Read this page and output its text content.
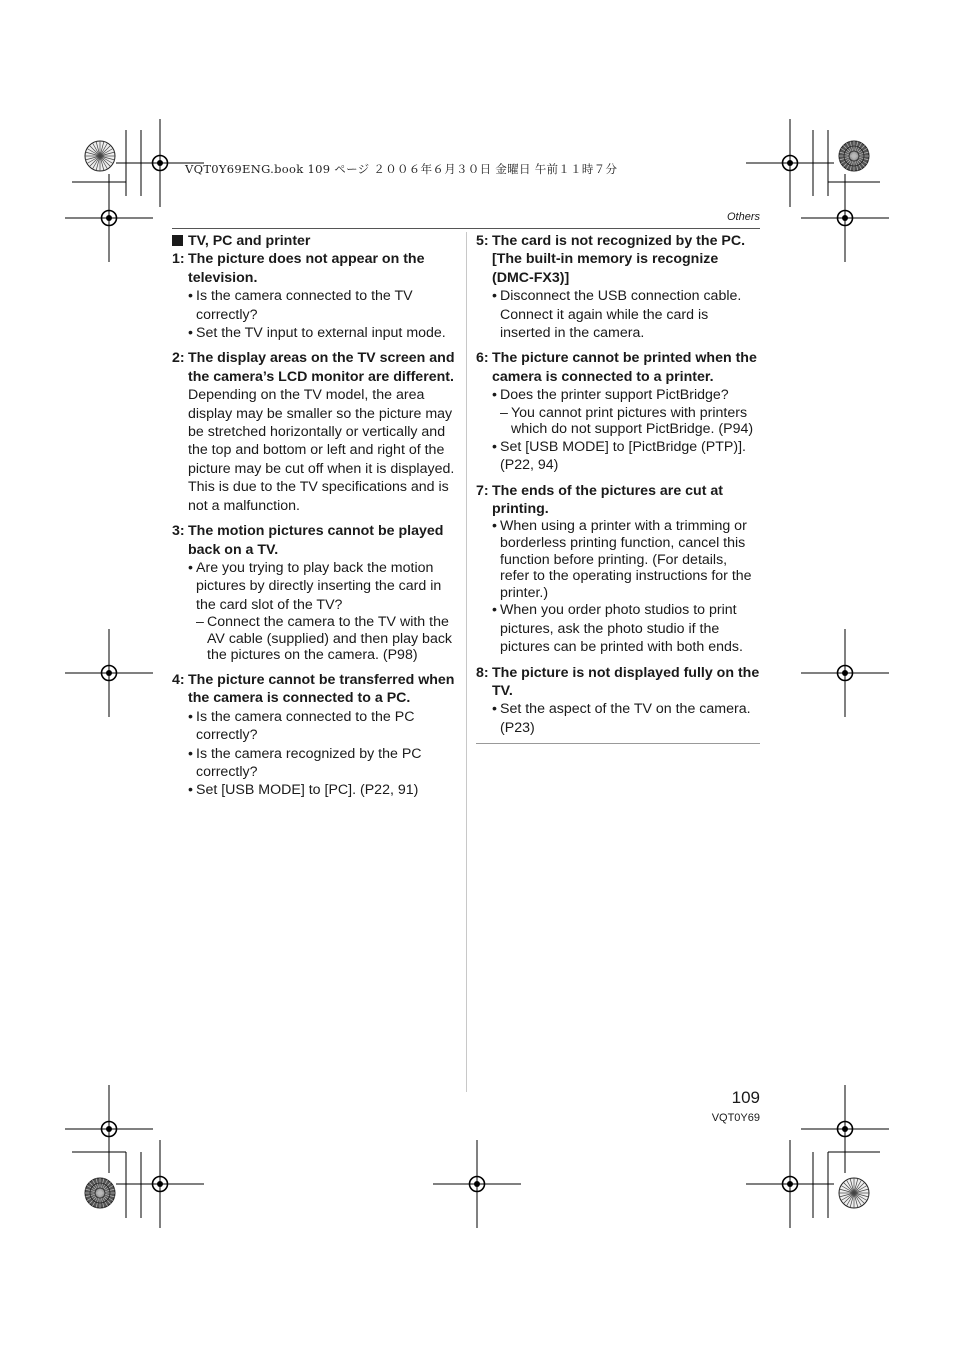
VQT0Y69ENG.book 109 ページ ２００６年６月３０日 金曜日 午前１１時７分
Others
TV, PC and printer
1: The picture does not appear on the television.
• Is the camera connected to the TV correctly?
• Set the TV input to external input mode.
2: The display areas on the TV screen and the camera’s LCD monitor are different.

Depending on the TV model, the area display may be smaller so the picture may be stretched horizontally or vertically and the top and bottom or left and right of the picture may be cut off when it is displayed. This is due to the TV specifications and is not a malfunction.

3: The motion pictures cannot be played back on a TV.
• Are you trying to play back the motion pictures by directly inserting the card in the card slot of the TV?
– Connect the camera to the TV with the AV cable (supplied) and then play back the pictures on the camera. (P98)
4: The picture cannot be transferred when the camera is connected to a PC.
• Is the camera connected to the PC correctly?
• Is the camera recognized by the PC correctly?
• Set [USB MODE] to [PC]. (P22, 91)
5: The card is not recognized by the PC. [The built-in memory is recognize (DMC-FX3)]
• Disconnect the USB connection cable. Connect it again while the card is inserted in the camera.
6: The picture cannot be printed when the camera is connected to a printer.
• Does the printer support PictBridge?
– You cannot print pictures with printers which do not support PictBridge. (P94)
• Set [USB MODE] to [PictBridge (PTP)]. (P22, 94)
7: The ends of the pictures are cut at printing.
• When using a printer with a trimming or borderless printing function, cancel this function before printing. (For details, refer to the operating instructions for the printer.)
• When you order photo studios to print pictures, ask the photo studio if the pictures can be printed with both ends.
8: The picture is not displayed fully on the TV.
• Set the aspect of the TV on the camera. (P23)
109
VQT0Y69
